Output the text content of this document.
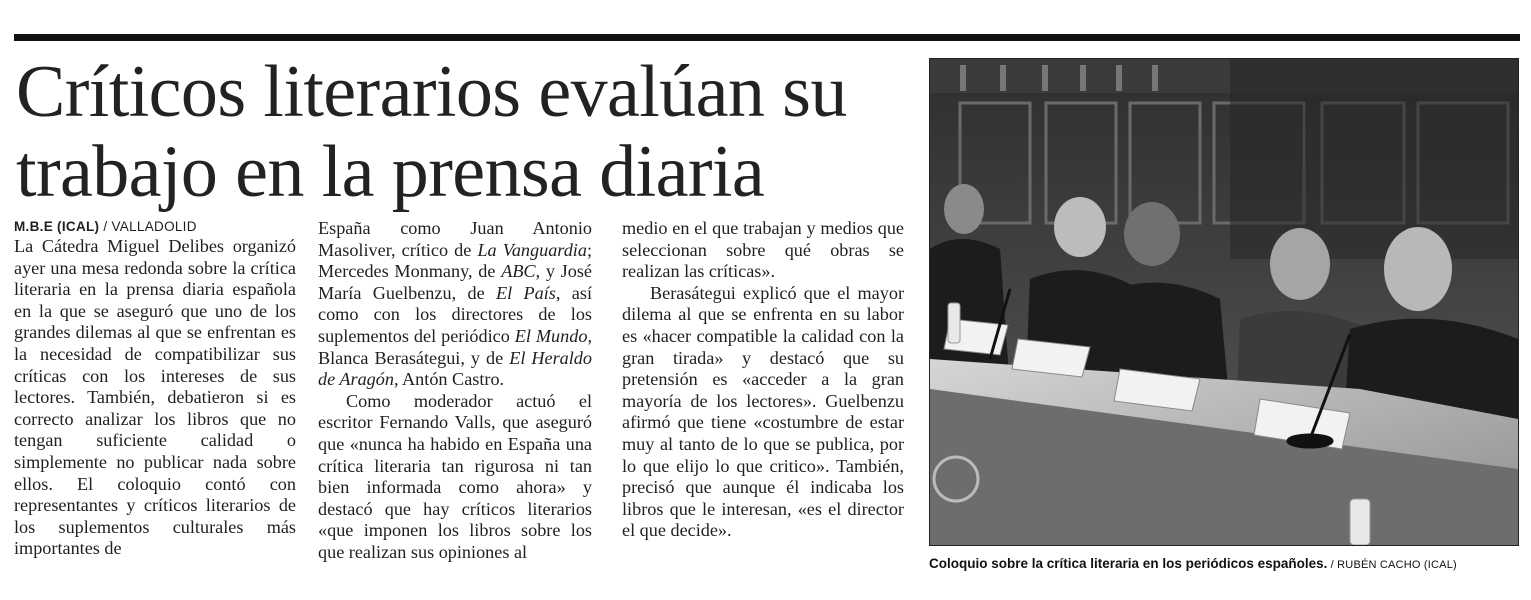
Críticos literarios evalúan su
trabajo en la prensa diaria
M.B.E (ICAL) / VALLADOLID

La Cátedra Miguel Delibes organizó ayer una mesa redonda sobre la crítica literaria en la prensa diaria española en la que se aseguró que uno de los grandes dilemas al que se enfrentan es la necesidad de compatibilizar sus críticas con los intereses de sus lectores. También, debatieron si es correcto analizar los libros que no tengan suficiente calidad o simplemente no publicar nada sobre ellos. El coloquio contó con representantes y críticos literarios de los suplementos culturales más importantes de

España como Juan Antonio Masoliver, crítico de La Vanguardia; Mercedes Monmany, de ABC, y José María Guelbenzu, de El País, así como con los directores de los suplementos del periódico El Mundo, Blanca Berasátegui, y de El Heraldo de Aragón, Antón Castro.

Como moderador actuó el escritor Fernando Valls, que aseguró que «nunca ha habido en España una crítica literaria tan rigurosa ni tan bien informada como ahora» y destacó que hay críticos literarios «que imponen los libros sobre los que realizan sus opiniones al

medio en el que trabajan y medios que seleccionan sobre qué obras se realizan las críticas».

Berasátegui explicó que el mayor dilema al que se enfrenta en su labor es «hacer compatible la calidad con la gran tirada» y destacó que su pretensión es «acceder a la gran mayoría de los lectores». Guelbenzu afirmó que tiene «costumbre de estar muy al tanto de lo que se publica, por lo que elijo lo que critico». También, precisó que aunque él indicaba los libros que le interesan, «es el director el que decide».

Coloquio sobre la crítica literaria en los periódicos españoles. / RUBÉN CACHO (ICAL)
